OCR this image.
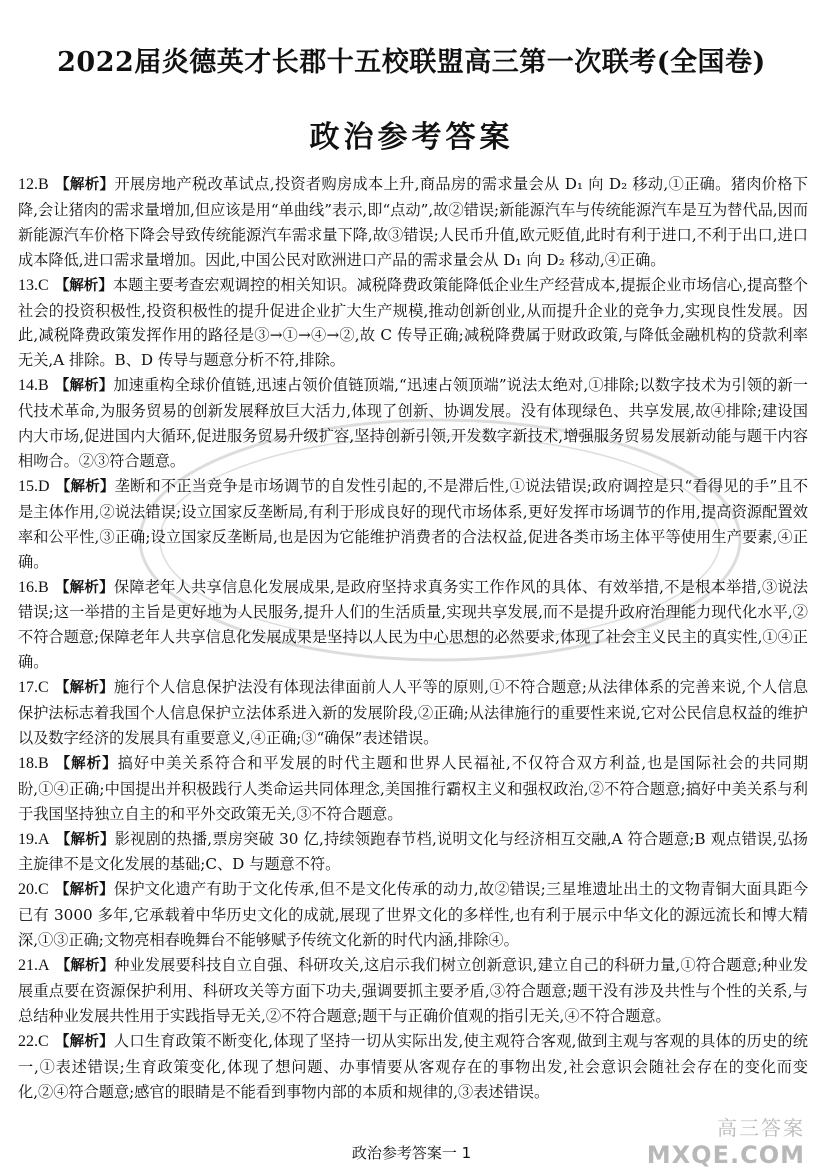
2022届炎德英才长郡十五校联盟高三第一次联考(全国卷)
政治参考答案

12.B 【解析】开展房地产税改革试点,投资者购房成本上升,商品房的需求量会从 D₁ 向 D₂ 移动,①正确。猪肉价格下降,会让猪肉的需求量增加,但应该是用“单曲线”表示,即“点动”,故②错误;新能源汽车与传统能源汽车是互为替代品,因而新能源汽车价格下降会导致传统能源汽车需求量下降,故③错误;人民币升值,欧元贬值,此时有利于进口,不利于出口,进口成本降低,进口需求量增加。因此,中国公民对欧洲进口产品的需求量会从 D₁ 向 D₂ 移动,④正确。

13.C 【解析】本题主要考查宏观调控的相关知识。减税降费政策能降低企业生产经营成本,提振企业市场信心,提高整个社会的投资积极性,投资积极性的提升促进企业扩大生产规模,推动创新创业,从而提升企业的竞争力,实现良性发展。因此,减税降费政策发挥作用的路径是③→①→④→②,故 C 传导正确;减税降费属于财政政策,与降低金融机构的贷款利率无关,A 排除。B、D 传导与题意分析不符,排除。

14.B 【解析】加速重构全球价值链,迅速占领价值链顶端,“迅速占领顶端”说法太绝对,①排除;以数字技术为引领的新一代技术革命,为服务贸易的创新发展释放巨大活力,体现了创新、协调发展。没有体现绿色、共享发展,故④排除;建设国内大市场,促进国内大循环,促进服务贸易升级扩容,坚持创新引领,开发数字新技术,增强服务贸易发展新动能与题干内容相吻合。②③符合题意。

15.D 【解析】垄断和不正当竞争是市场调节的自发性引起的,不是滞后性,①说法错误;政府调控是只“看得见的手”且不是主体作用,②说法错误;设立国家反垄断局,有利于形成良好的现代市场体系,更好发挥市场调节的作用,提高资源配置效率和公平性,③正确;设立国家反垄断局,也是因为它能维护消费者的合法权益,促进各类市场主体平等使用生产要素,④正确。

16.B 【解析】保障老年人共享信息化发展成果,是政府坚持求真务实工作作风的具体、有效举措,不是根本举措,③说法错误;这一举措的主旨是更好地为人民服务,提升人们的生活质量,实现共享发展,而不是提升政府治理能力现代化水平,②不符合题意;保障老年人共享信息化发展成果是坚持以人民为中心思想的必然要求,体现了社会主义民主的真实性,①④正确。

17.C 【解析】施行个人信息保护法没有体现法律面前人人平等的原则,①不符合题意;从法律体系的完善来说,个人信息保护法标志着我国个人信息保护立法体系进入新的发展阶段,②正确;从法律施行的重要性来说,它对公民信息权益的维护以及数字经济的发展具有重要意义,④正确;③“确保”表述错误。

18.B 【解析】搞好中美关系符合和平发展的时代主题和世界人民福祉,不仅符合双方利益,也是国际社会的共同期盼,①④正确;中国提出并积极践行人类命运共同体理念,美国推行霸权主义和强权政治,②不符合题意;搞好中美关系与利于我国坚持独立自主的和平外交政策无关,③不符合题意。

19.A 【解析】影视剧的热播,票房突破 30 亿,持续领跑春节档,说明文化与经济相互交融,A 符合题意;B 观点错误,弘扬主旋律不是文化发展的基础;C、D 与题意不符。

20.C 【解析】保护文化遗产有助于文化传承,但不是文化传承的动力,故②错误;三星堆遗址出土的文物青铜大面具距今已有 3000 多年,它承载着中华历史文化的成就,展现了世界文化的多样性,也有利于展示中华文化的源远流长和博大精深,①③正确;文物亮相春晚舞台不能够赋予传统文化新的时代内涵,排除④。

21.A 【解析】种业发展要科技自立自强、科研攻关,这启示我们树立创新意识,建立自己的科研力量,①符合题意;种业发展重点要在资源保护利用、科研攻关等方面下功夫,强调要抓主要矛盾,③符合题意;题干没有涉及共性与个性的关系,与总结种业发展共性用于实践指导无关,②不符合题意;题干与正确价值观的指引无关,④不符合题意。

22.C 【解析】人口生育政策不断变化,体现了坚持一切从实际出发,使主观符合客观,做到主观与客观的具体的历史的统一,①表述错误;生育政策变化,体现了想问题、办事情要从客观存在的事物出发,社会意识会随社会存在的变化而变化,②④符合题意;感官的眼睛是不能看到事物内部的本质和规律的,③表述错误。

政治参考答案一 1
高三答案
MXQE.COM
